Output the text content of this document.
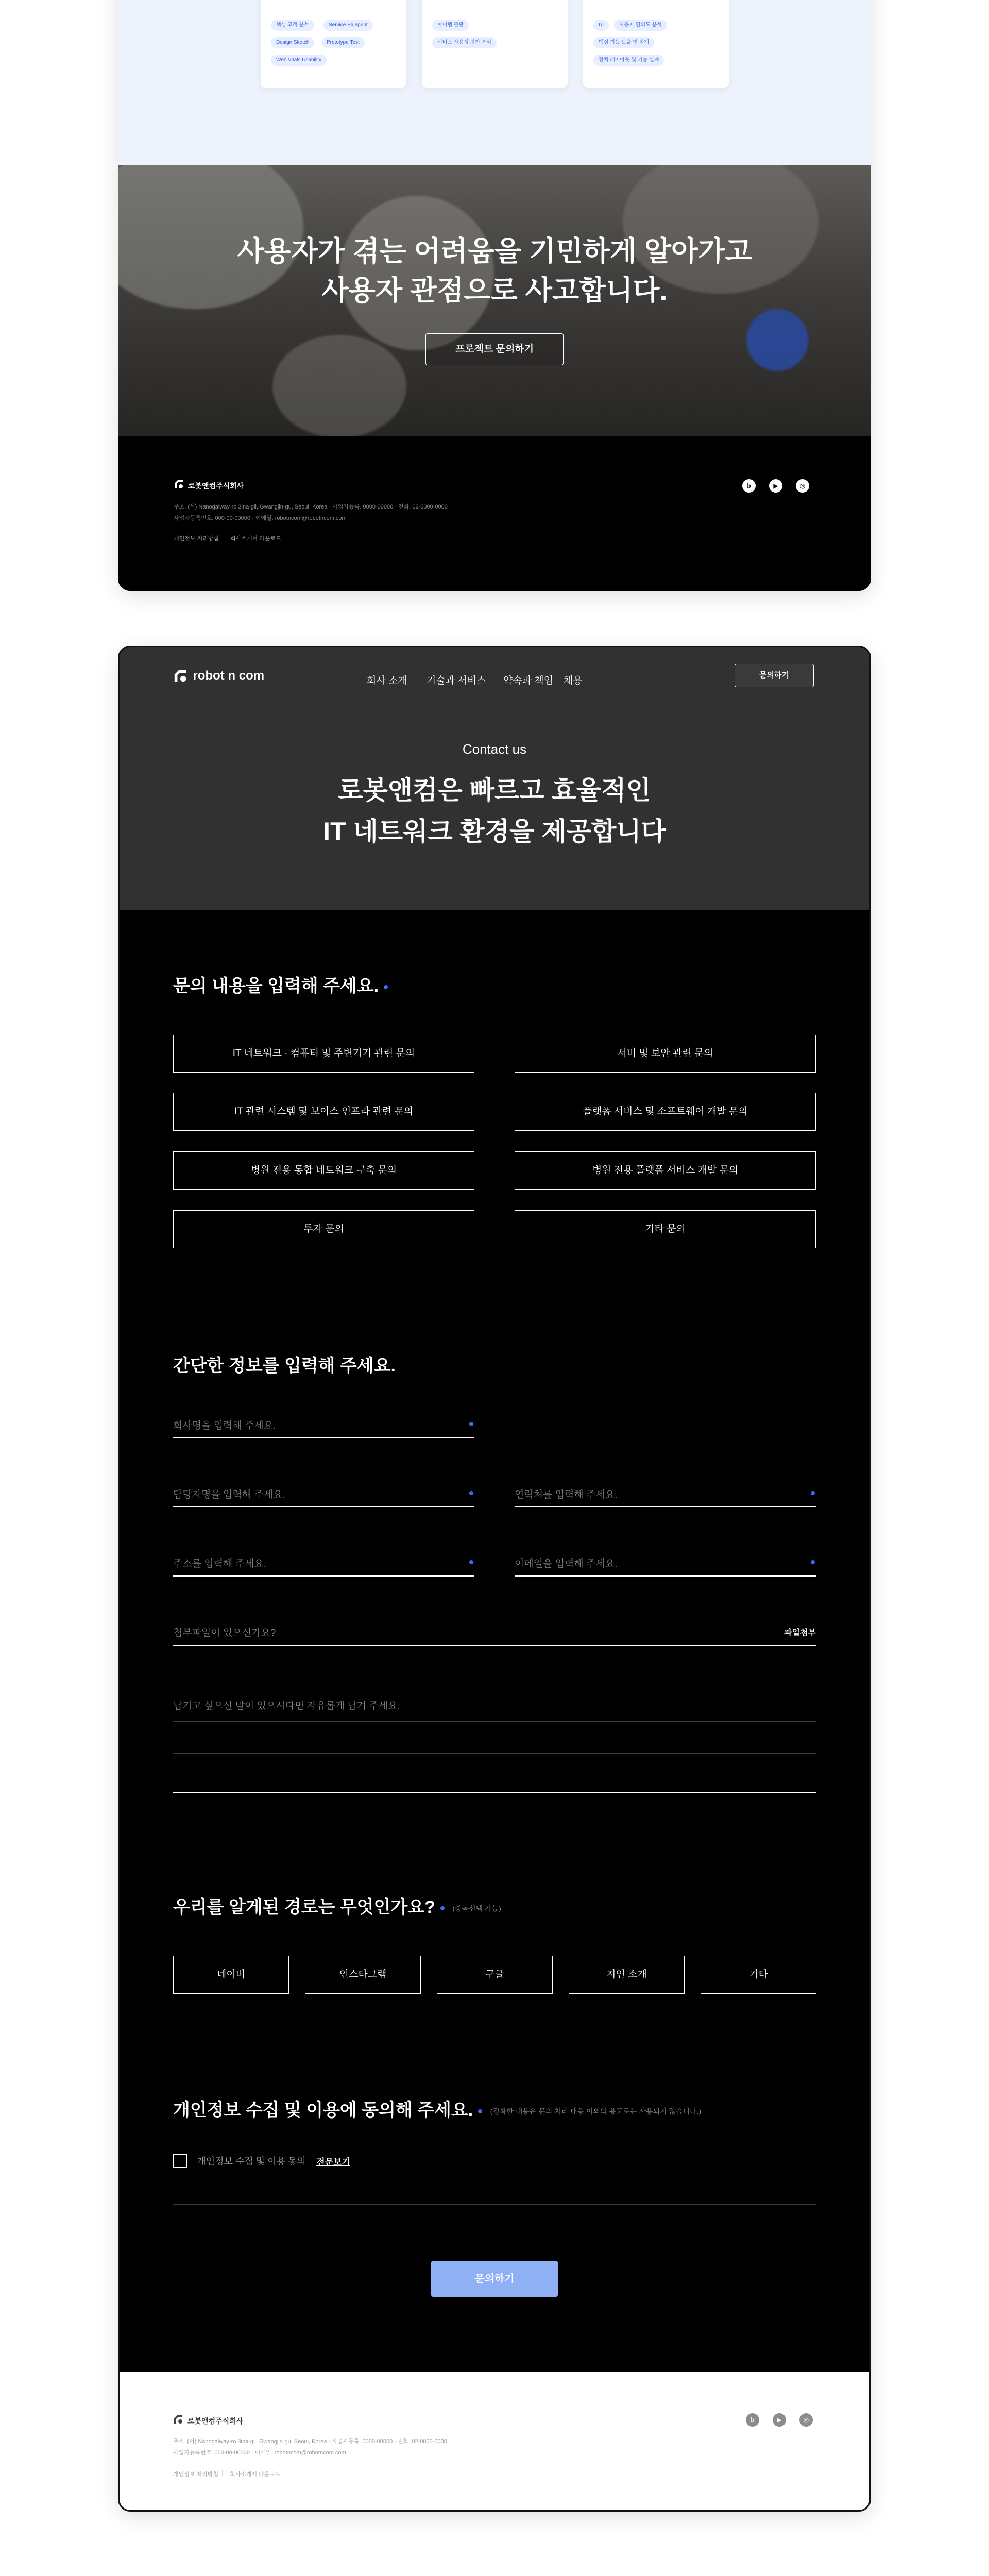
핵심 고객 분석	Service Blueprint
Design Sketch	Prototype Test
Web Vitals Usability
아이템 출판
서비스 사용성 평가 분석
UI	사용자 편의도 분석
핵심 기능 도출 및 설계
전체 레이아웃 및 기능 설계
사용자가 겪는 어려움을 기민하게 알아가고
사용자 관점으로 사고합니다.
프로젝트 문의하기
로봇앤컴주식회사
주소. (서) Nanogalway-ro 3ina-gil, Gwangjin-gu, Seoul, Korea · 사업자등록. 0000-00000 · 전화. 02-0000-0000
사업자등록번호. 000-00-00000 · 이메일. robotncom@robotncom.com
개인정보 처리방침 | 회사소개서 다운로드
b	▶	◎
robot n com	회사 소개 기술과 서비스 약속과 책임 채용
문의하기
Contact us
로봇앤컴은 빠르고 효율적인
IT 네트워크 환경을 제공합니다
문의 내용을 입력해 주세요.
IT 네트워크 · 컴퓨터 및 주변기기 관련 문의	서버 및 보안 관련 문의
IT 관련 시스템 및 보이스 인프라 관련 문의	플랫폼 서비스 및 소프트웨어 개발 문의
병원 전용 통합 네트워크 구축 문의	병원 전용 플랫폼 서비스 개발 문의
투자 문의	기타 문의
간단한 정보를 입력해 주세요.
회사명을 입력해 주세요.
담당자명을 입력해 주세요.	연락처를 입력해 주세요.
주소를 입력해 주세요.	이메일을 입력해 주세요.
첨부파일이 있으신가요?	파일첨부
남기고 싶으신 말이 있으시다면 자유롭게 남겨 주세요.
우리를 알게된 경로는 무엇인가요? (중복선택 가능)
네이버	인스타그램	구글	지인 소개	기타
개인정보 수집 및 이용에 동의해 주세요. (정확한 내용은 문의 처리 대응 이외의 용도로는 사용되지 않습니다.)
개인정보 수집 및 이용 동의 전문보기
문의하기
로봇앤컴주식회사
주소. (서) Nanogalway-ro 3ina-gil, Gwangjin-gu, Seoul, Korea · 사업자등록. 0000-00000 · 전화. 02-0000-0000
사업자등록번호. 000-00-00000 · 이메일. robotncom@robotncom.com
개인정보 처리방침 | 회사소개서 다운로드
b	▶	◎
